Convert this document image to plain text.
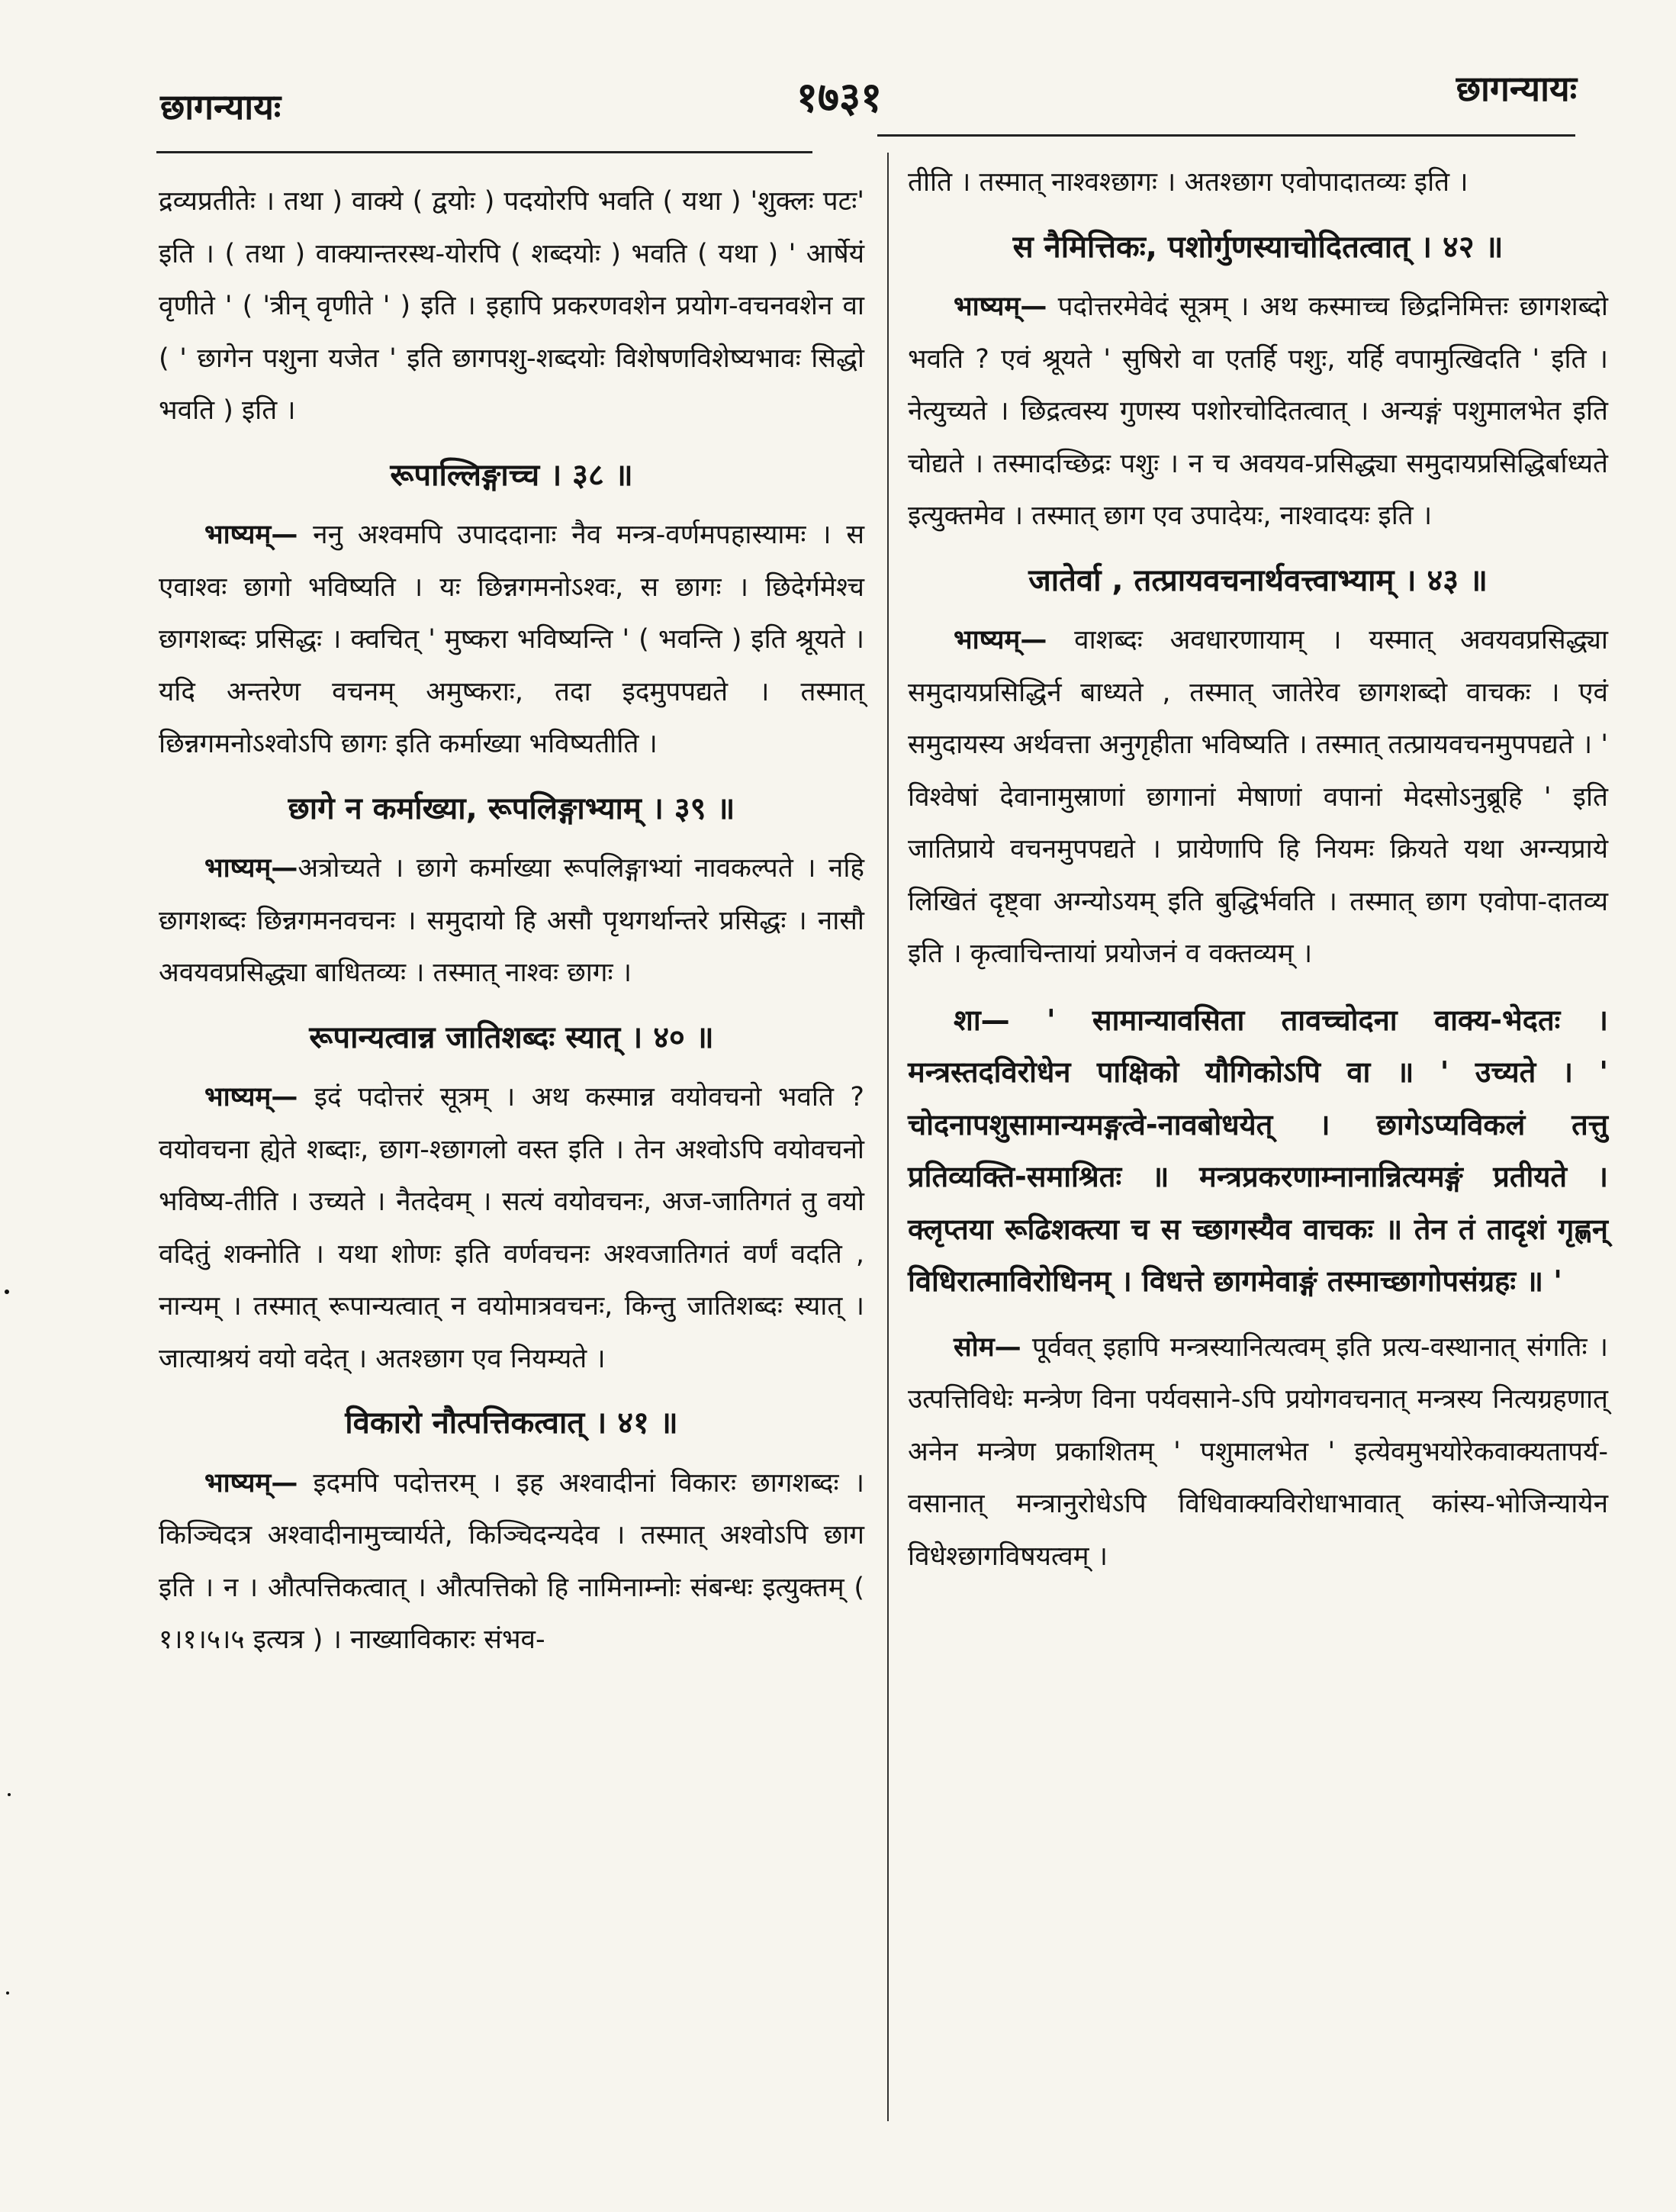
छागन्यायः	१७३१	छागन्यायः

द्रव्यप्रतीतेः । तथा ) वाक्ये ( द्वयोः ) पदयोरपि भवति ( यथा ) 'शुक्लः पटः' इति । ( तथा ) वाक्यान्तरस्थ-योरपि ( शब्दयोः ) भवति ( यथा ) ' आर्षेयं वृणीते ' ( 'त्रीन् वृणीते ' ) इति । इहापि प्रकरणवशेन प्रयोग-वचनवशेन वा ( ' छागेन पशुना यजेत ' इति छागपशु-शब्दयोः विशेषणविशेष्यभावः सिद्धो भवति ) इति ।

रूपाल्लिङ्गाच्च । ३८ ॥

भाष्यम्— ननु अश्वमपि उपाददानाः नैव मन्त्र-वर्णमपहास्यामः । स एवाश्वः छागो भविष्यति । यः छिन्नगमनोऽश्वः, स छागः । छिदेर्गमेश्च छागशब्दः प्रसिद्धः । क्वचित् ' मुष्करा भविष्यन्ति ' ( भवन्ति ) इति श्रूयते । यदि अन्तरेण वचनम् अमुष्कराः, तदा इदमुपपद्यते । तस्मात् छिन्नगमनोऽश्वोऽपि छागः इति कर्माख्या भविष्यतीति ।

छागे न कर्माख्या, रूपलिङ्गाभ्याम् । ३९ ॥

भाष्यम्—अत्रोच्यते । छागे कर्माख्या रूपलिङ्गाभ्यां नावकल्पते । नहि छागशब्दः छिन्नगमनवचनः । समुदायो हि असौ पृथगर्थान्तरे प्रसिद्धः । नासौ अवयवप्रसिद्ध्या बाधितव्यः । तस्मात् नाश्वः छागः ।

रूपान्यत्वान्न जातिशब्दः स्यात् । ४० ॥

भाष्यम्— इदं पदोत्तरं सूत्रम् । अथ कस्मान्न वयोवचनो भवति ? वयोवचना ह्येते शब्दाः, छाग-श्छागलो वस्त इति । तेन अश्वोऽपि वयोवचनो भविष्य-तीति । उच्यते । नैतदेवम् । सत्यं वयोवचनः, अज-जातिगतं तु वयो वदितुं शक्नोति । यथा शोणः इति वर्णवचनः अश्वजातिगतं वर्णं वदति , नान्यम् । तस्मात् रूपान्यत्वात् न वयोमात्रवचनः, किन्तु जातिशब्दः स्यात् । जात्याश्रयं वयो वदेत् । अतश्छाग एव नियम्यते ।

विकारो नौत्पत्तिकत्वात् । ४१ ॥

भाष्यम्— इदमपि पदोत्तरम् । इह अश्वादीनां विकारः छागशब्दः । किञ्चिदत्र अश्वादीनामुच्चार्यते, किञ्चिदन्यदेव । तस्मात् अश्वोऽपि छाग इति । न । औत्पत्तिकत्वात् । औत्पत्तिको हि नामिनाम्नोः संबन्धः इत्युक्तम् ( १।१।५।५ इत्यत्र ) । नाख्याविकारः संभव-

तीति । तस्मात् नाश्वश्छागः । अतश्छाग एवोपादातव्यः इति ।

स नैमित्तिकः, पशोर्गुणस्याचोदितत्वात् । ४२ ॥

भाष्यम्— पदोत्तरमेवेदं सूत्रम् । अथ कस्माच्च छिद्रनिमित्तः छागशब्दो भवति ? एवं श्रूयते ' सुषिरो वा एतर्हि पशुः, यर्हि वपामुत्खिदति ' इति । नेत्युच्यते । छिद्रत्वस्य गुणस्य पशोरचोदितत्वात् । अन्यङ्गं पशुमालभेत इति चोद्यते । तस्मादच्छिद्रः पशुः । न च अवयव-प्रसिद्ध्या समुदायप्रसिद्धिर्बाध्यते इत्युक्तमेव । तस्मात् छाग एव उपादेयः, नाश्वादयः इति ।

जातेर्वा , तत्प्रायवचनार्थवत्त्वाभ्याम् । ४३ ॥

भाष्यम्— वाशब्दः अवधारणायाम् । यस्मात् अवयवप्रसिद्ध्या समुदायप्रसिद्धिर्न बाध्यते , तस्मात् जातेरेव छागशब्दो वाचकः । एवं समुदायस्य अर्थवत्ता अनुगृहीता भविष्यति । तस्मात् तत्प्रायवचनमुपपद्यते । ' विश्वेषां देवानामुस्राणां छागानां मेषाणां वपानां मेदसोऽनुब्रूहि ' इति जातिप्राये वचनमुपपद्यते । प्रायेणापि हि नियमः क्रियते यथा अग्न्यप्राये लिखितं दृष्ट्वा अग्न्योऽयम् इति बुद्धिर्भवति । तस्मात् छाग एवोपा-दातव्य इति । कृत्वाचिन्तायां प्रयोजनं व वक्तव्यम् ।

शा— ' सामान्यावसिता तावच्चोदना वाक्य-भेदतः । मन्त्रस्तदविरोधेन पाक्षिको यौगिकोऽपि वा ॥ ' उच्यते । ' चोदनापशुसामान्यमङ्गत्वे-नावबोधयेत् । छागेऽप्यविकलं तत्तु प्रतिव्यक्ति-समाश्रितः ॥ मन्त्रप्रकरणाम्नानान्नित्यमङ्गं प्रतीयते । क्लृप्तया रूढिशक्त्या च स च्छागस्यैव वाचकः ॥ तेन तं तादृशं गृह्णन् विधिरात्माविरोधिनम् । विधत्ते छागमेवाङ्गं तस्माच्छागोपसंग्रहः ॥ '

सोम— पूर्ववत् इहापि मन्त्रस्यानित्यत्वम् इति प्रत्य-वस्थानात् संगतिः । उत्पत्तिविधेः मन्त्रेण विना पर्यवसाने-ऽपि प्रयोगवचनात् मन्त्रस्य नित्यग्रहणात् अनेन मन्त्रेण प्रकाशितम् ' पशुमालभेत ' इत्येवमुभयोरेकवाक्यतापर्य-वसानात् मन्त्रानुरोधेऽपि विधिवाक्यविरोधाभावात् कांस्य-भोजिन्यायेन विधेश्छागविषयत्वम् ।
